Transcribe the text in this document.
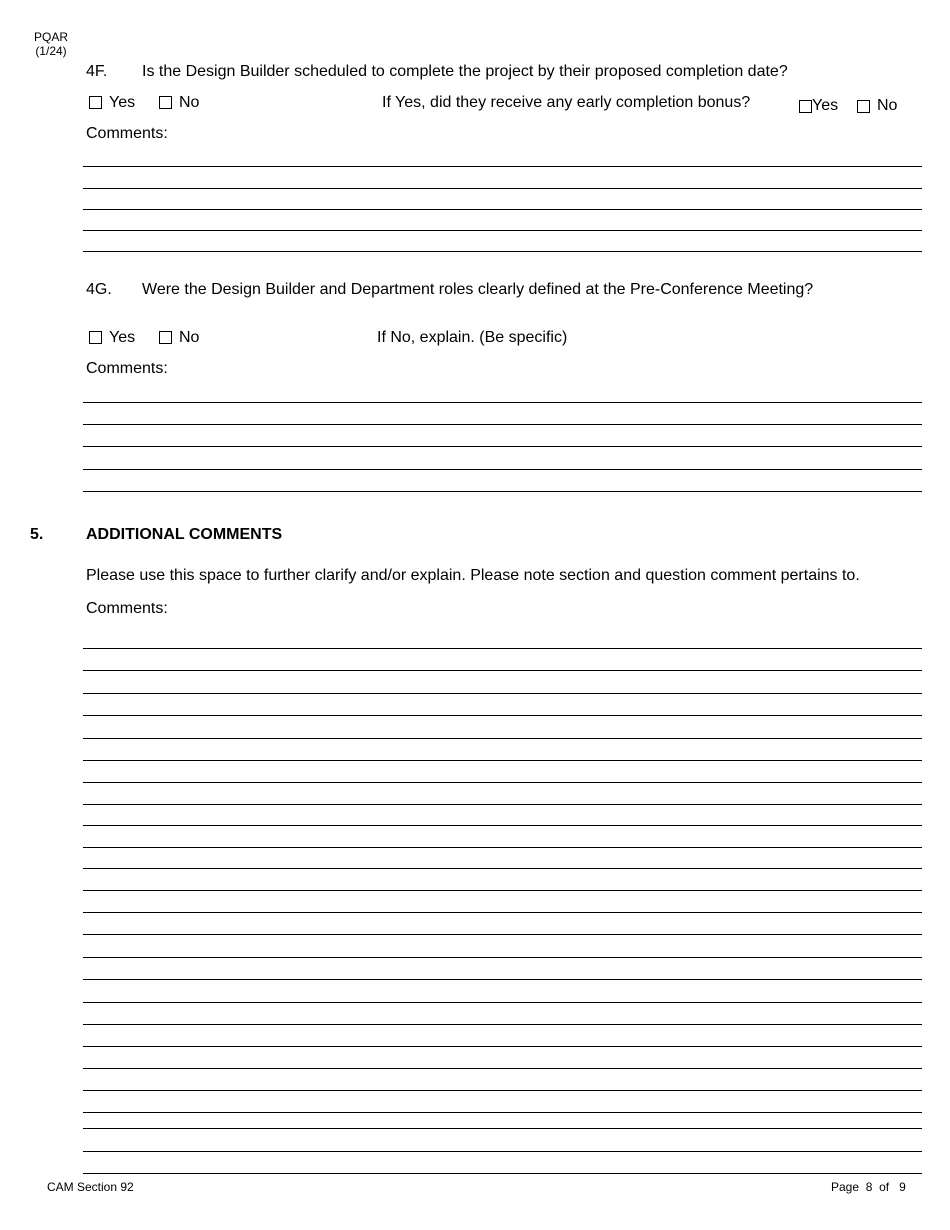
PQAR
(1/24)
4F. Is the Design Builder scheduled to complete the project by their proposed completion date?
Yes	No	If Yes, did they receive any early completion bonus?	Yes No
Comments:
4G. Were the Design Builder and Department roles clearly defined at the Pre-Conference Meeting?
Yes	No	If No, explain. (Be specific)
Comments:
5.	ADDITIONAL COMMENTS
Please use this space to further clarify and/or explain. Please note section and question comment pertains to.
Comments:
CAM Section 92	Page 8 of 9
